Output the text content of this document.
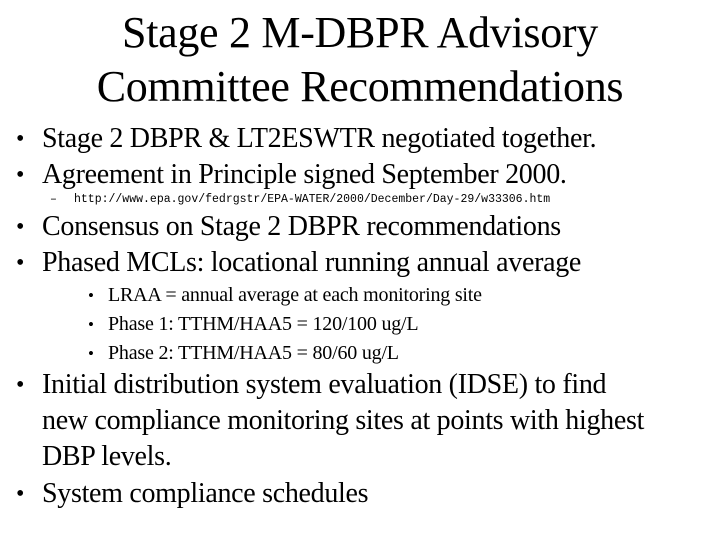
Stage 2 M-DBPR Advisory
Committee Recommendations
• Stage 2 DBPR & LT2ESWTR negotiated together.
• Agreement in Principle signed September 2000.
– http://www.epa.gov/fedrgstr/EPA-WATER/2000/December/Day-29/w33306.htm
• Consensus on Stage 2 DBPR recommendations
• Phased MCLs: locational running annual average
• LRAA = annual average at each monitoring site
• Phase 1: TTHM/HAA5 = 120/100 ug/L
• Phase 2: TTHM/HAA5 = 80/60 ug/L
• Initial distribution system evaluation (IDSE) to find
new compliance monitoring sites at points with highest
DBP levels.
• System compliance schedules
